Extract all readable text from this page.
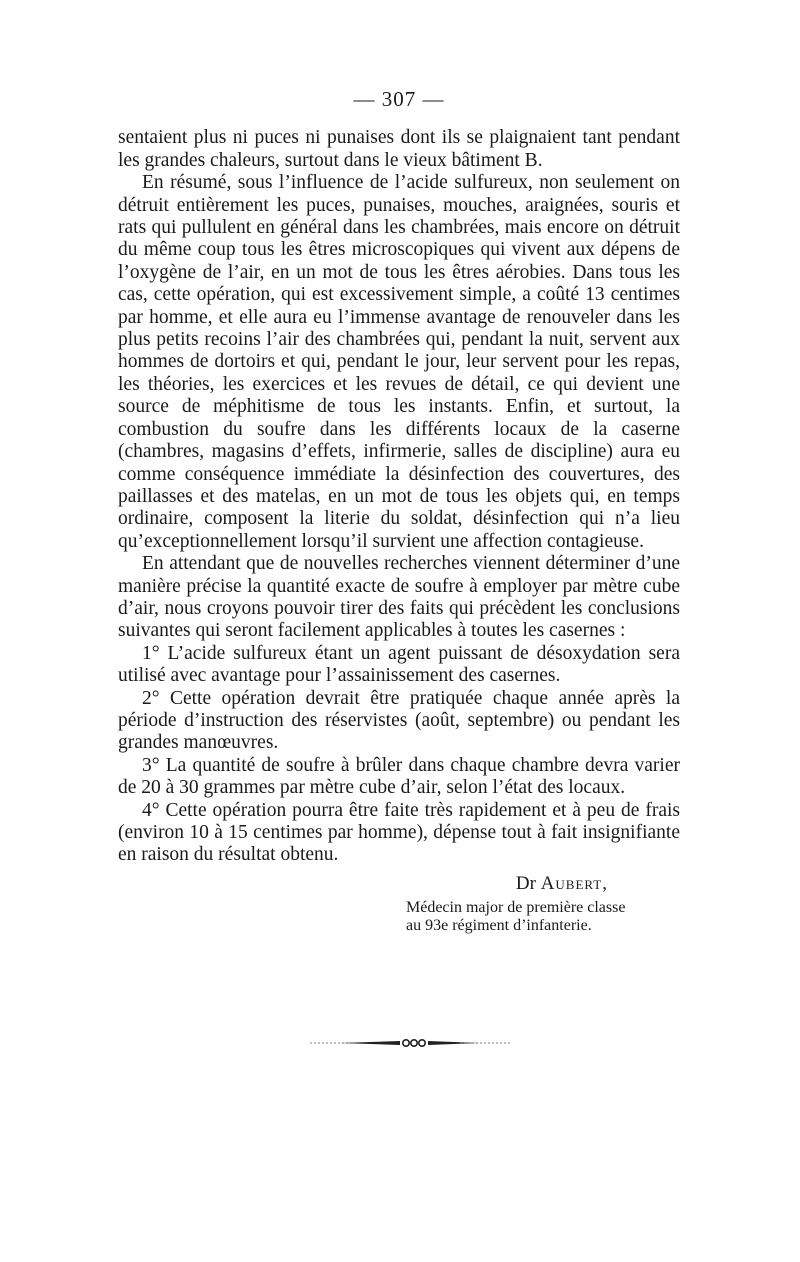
— 307 —

sentaient plus ni puces ni punaises dont ils se plaignaient tant pendant les grandes chaleurs, surtout dans le vieux bâtiment B.

En résumé, sous l’influence de l’acide sulfureux, non seulement on détruit entièrement les puces, punaises, mouches, araignées, souris et rats qui pullulent en général dans les chambrées, mais encore on détruit du même coup tous les êtres microscopiques qui vivent aux dépens de l’oxygène de l’air, en un mot de tous les êtres aérobies. Dans tous les cas, cette opération, qui est excessivement simple, a coûté 13 centimes par homme, et elle aura eu l’immense avantage de renouveler dans les plus petits recoins l’air des chambrées qui, pendant la nuit, servent aux hommes de dortoirs et qui, pendant le jour, leur servent pour les repas, les théories, les exercices et les revues de détail, ce qui devient une source de méphitisme de tous les instants. Enfin, et surtout, la combustion du soufre dans les différents locaux de la caserne (chambres, magasins d’effets, infirmerie, salles de discipline) aura eu comme conséquence immédiate la désinfection des couvertures, des paillasses et des matelas, en un mot de tous les objets qui, en temps ordinaire, composent la literie du soldat, désinfection qui n’a lieu qu’exceptionnellement lorsqu’il survient une affection contagieuse.

En attendant que de nouvelles recherches viennent déterminer d’une manière précise la quantité exacte de soufre à employer par mètre cube d’air, nous croyons pouvoir tirer des faits qui précèdent les conclusions suivantes qui seront facilement applicables à toutes les casernes :

1° L’acide sulfureux étant un agent puissant de désoxydation sera utilisé avec avantage pour l’assainissement des casernes.

2° Cette opération devrait être pratiquée chaque année après la période d’instruction des réservistes (août, septembre) ou pendant les grandes manœuvres.

3° La quantité de soufre à brûler dans chaque chambre devra varier de 20 à 30 grammes par mètre cube d’air, selon l’état des locaux.

4° Cette opération pourra être faite très rapidement et à peu de frais (environ 10 à 15 centimes par homme), dépense tout à fait insignifiante en raison du résultat obtenu.

Dr Aubert,
Médecin major de première classe
au 93e régiment d’infanterie.
